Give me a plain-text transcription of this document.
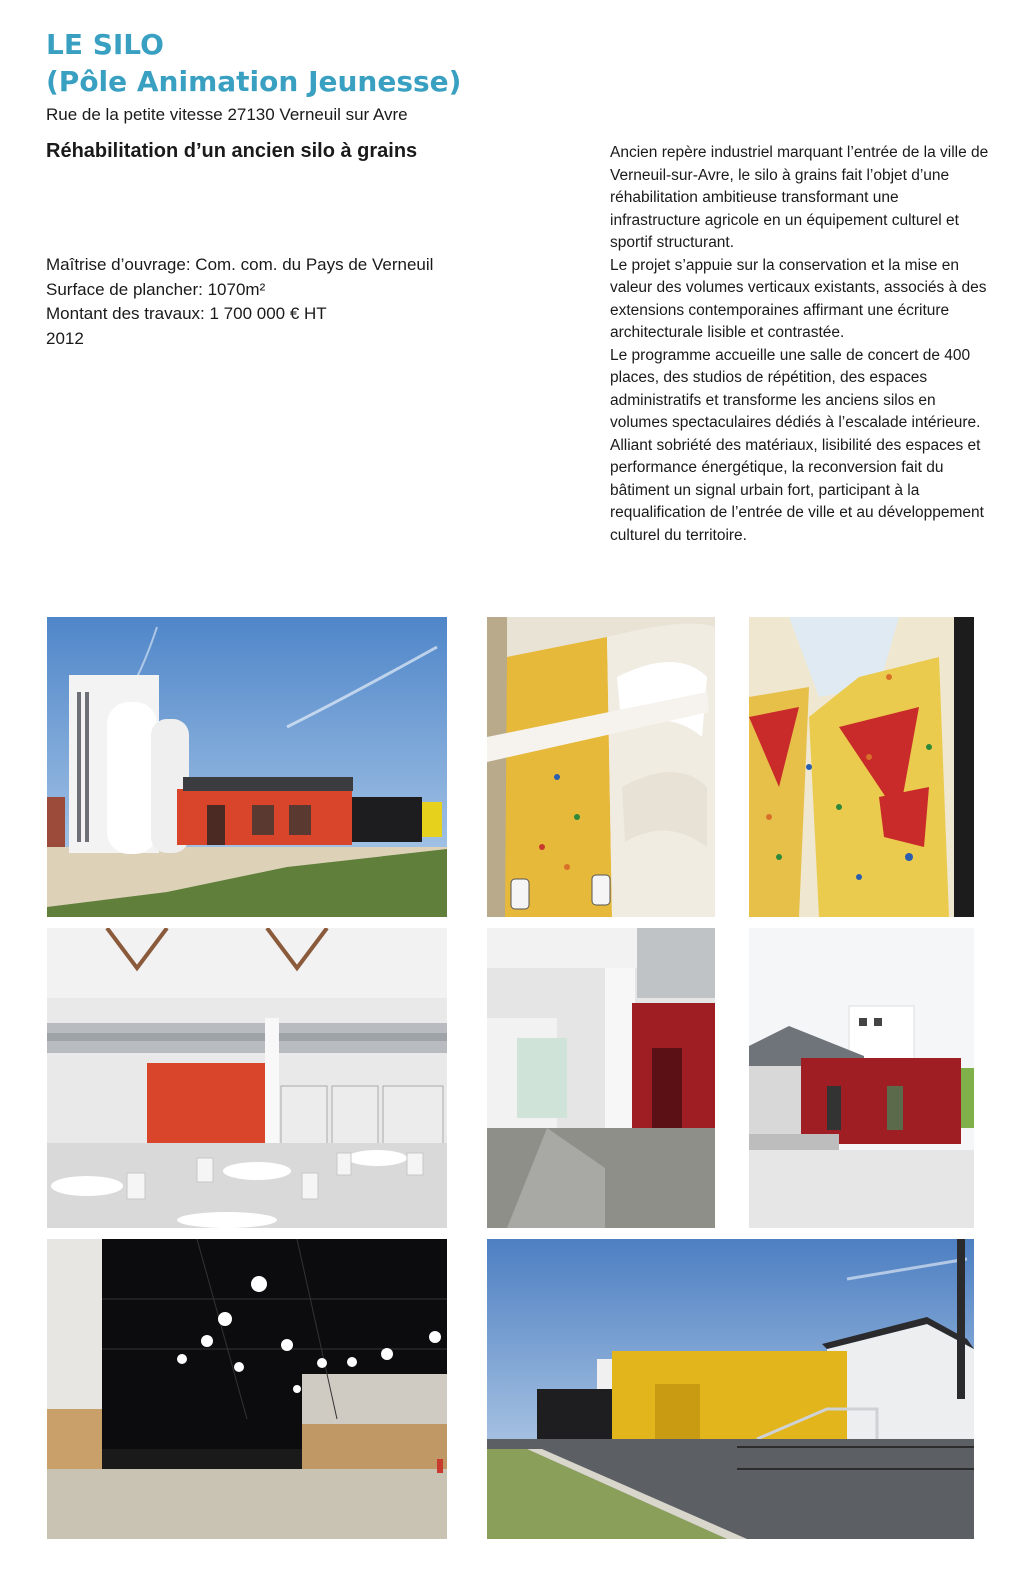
LE SILO
(Pôle Animation Jeunesse)
Rue de la petite vitesse 27130 Verneuil sur Avre
Réhabilitation d’un ancien silo à grains
Maîtrise d’ouvrage: Com. com. du Pays de Verneuil
Surface de plancher: 1070m²
Montant des travaux: 1 700 000 € HT
2012

Ancien repère industriel marquant l’entrée de la ville de Verneuil-sur-Avre, le silo à grains fait l’objet d’une réhabilitation ambitieuse transformant une infrastructure agricole en un équipement culturel et sportif structurant.

Le projet s’appuie sur la conservation et la mise en valeur des volumes verticaux existants, associés à des extensions contemporaines affirmant une écriture architecturale lisible et contrastée.

Le programme accueille une salle de concert de 400 places, des studios de répétition, des espaces administratifs et transforme les anciens silos en volumes spectaculaires dédiés à l’escalade intérieure.

Alliant sobriété des matériaux, lisibilité des espaces et performance énergétique, la reconversion fait du bâtiment un signal urbain fort, participant à la requalification de l’entrée de ville et au développement culturel du territoire.
